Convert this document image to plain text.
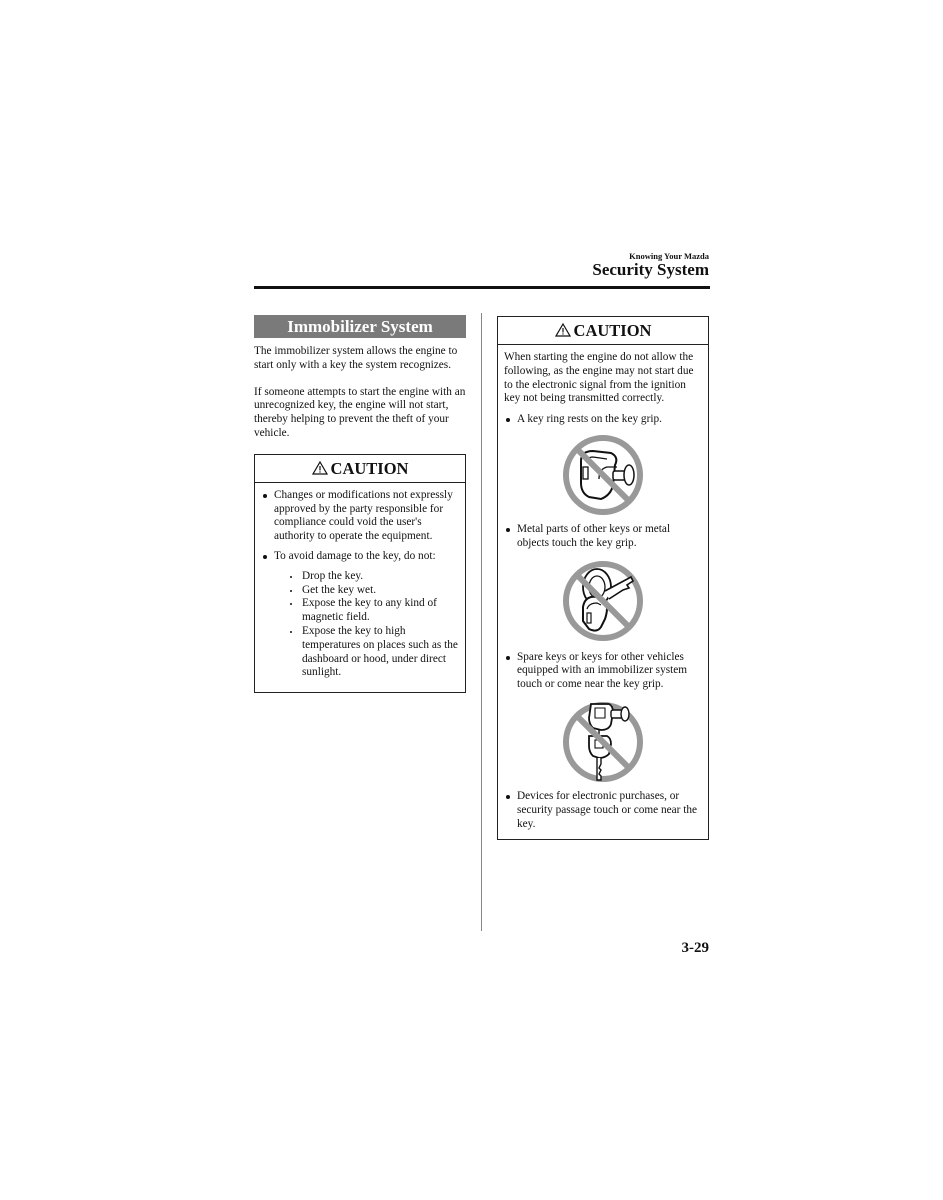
Knowing Your Mazda
Security System
Immobilizer System

The immobilizer system allows the engine to start only with a key the system recognizes.

If someone attempts to start the engine with an unrecognized key, the engine will not start, thereby helping to prevent the theft of your vehicle.

CAUTION
Changes or modifications not expressly approved by the party responsible for compliance could void the user's authority to operate the equipment.
To avoid damage to the key, do not:
Drop the key.
Get the key wet.
Expose the key to any kind of magnetic field.
Expose the key to high temperatures on places such as the dashboard or hood, under direct sunlight.
CAUTION
When starting the engine do not allow the following, as the engine may not start due to the electronic signal from the ignition key not being transmitted correctly.
A key ring rests on the key grip.
Metal parts of other keys or metal objects touch the key grip.
Spare keys or keys for other vehicles equipped with an immobilizer system touch or come near the key grip.
Devices for electronic purchases, or security passage touch or come near the key.
3-29
